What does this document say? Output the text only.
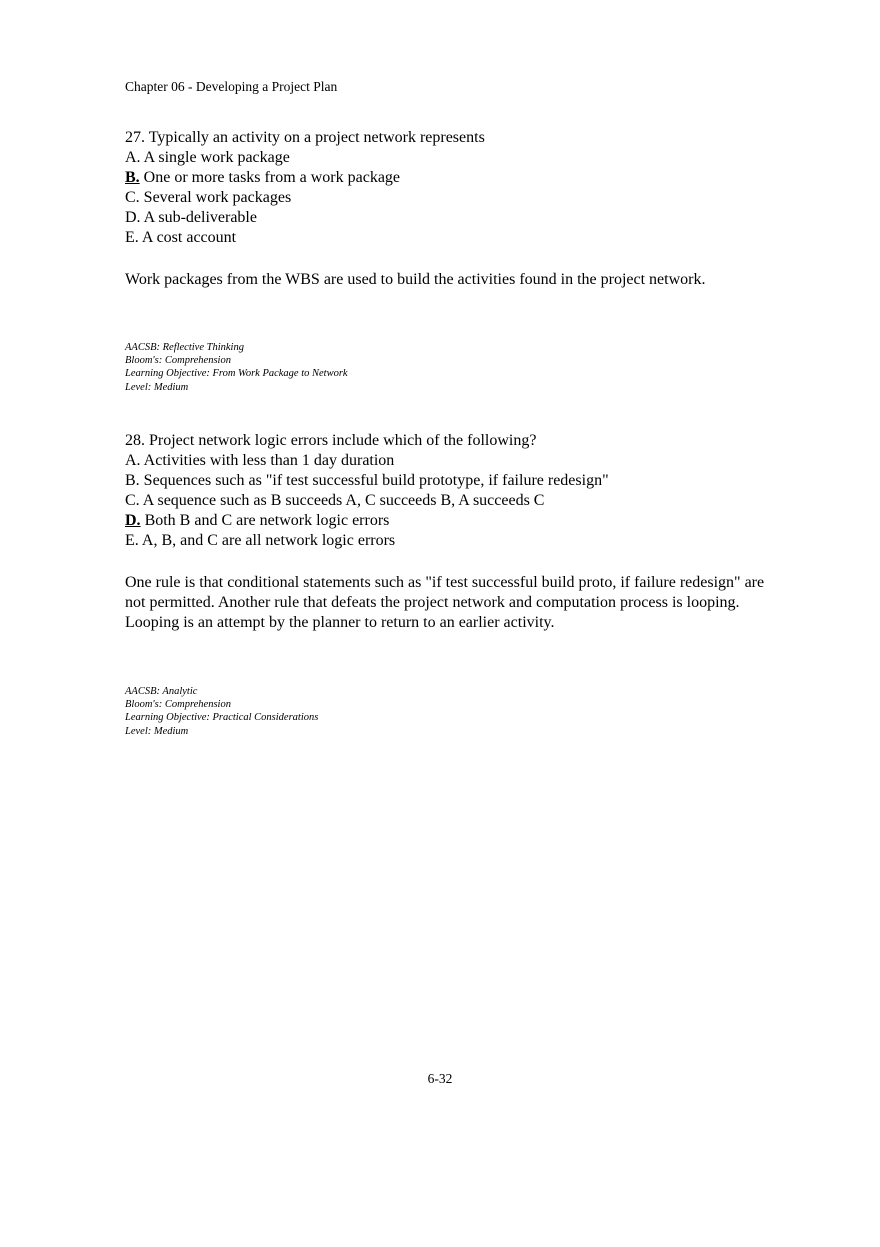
Chapter 06 - Developing a Project Plan
27. Typically an activity on a project network represents
A. A single work package
B. One or more tasks from a work package
C. Several work packages
D. A sub-deliverable
E. A cost account
Work packages from the WBS are used to build the activities found in the project network.
AACSB: Reflective Thinking
Bloom's: Comprehension
Learning Objective: From Work Package to Network
Level: Medium
28. Project network logic errors include which of the following?
A. Activities with less than 1 day duration
B. Sequences such as "if test successful build prototype, if failure redesign"
C. A sequence such as B succeeds A, C succeeds B, A succeeds C
D. Both B and C are network logic errors
E. A, B, and C are all network logic errors
One rule is that conditional statements such as "if test successful build proto, if failure redesign" are not permitted. Another rule that defeats the project network and computation process is looping. Looping is an attempt by the planner to return to an earlier activity.
AACSB: Analytic
Bloom's: Comprehension
Learning Objective: Practical Considerations
Level: Medium
6-32
